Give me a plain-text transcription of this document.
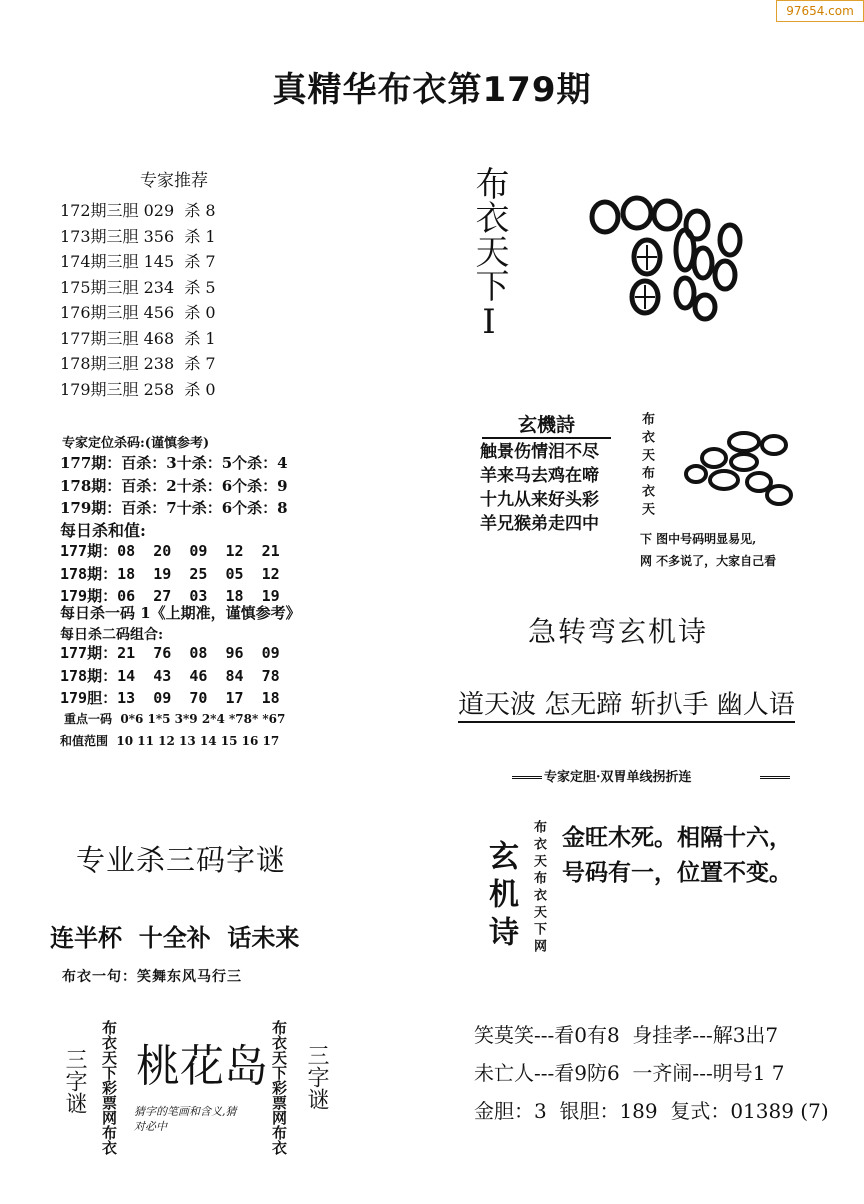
97654.com
真精华布衣第179期
专家推荐
172期三胆 029  杀 8
173期三胆 356  杀 1
174期三胆 145  杀 7
175期三胆 234  杀 5
176期三胆 456  杀 0
177期三胆 468  杀 1
178期三胆 238  杀 7
179期三胆 258  杀 0
专家定位杀码:(谨慎参考)
177期：百杀：3十杀：5个杀：4
178期：百杀：2十杀：6个杀：9
179期：百杀：7十杀：6个杀：8
每日杀和值:
177期：08  20  09  12  21
178期：18  19  25  05  12
179期：06  27  03  18  19
每日杀一码 1《上期准，谨慎参考》
每日杀二码组合:
177期：21  76  08  96  09
178期：14  43  46  84  78
179胆：13  09  70  17  18
重点一码  0*6 1*5 3*9 2*4 *78* *67
和值范围  10 11 12 13 14 15 16 17
布衣天下I
玄機詩
触景伤情泪不尽
羊来马去鸡在啼
十九从来好头彩
羊兄猴弟走四中
布衣天布衣天
下 图中号码明显易见,
网 不多说了，大家自己看
急转弯玄机诗
道天波 怎无蹄 斩扒手 幽人语
专家定胆·双胃单线拐折连
玄机诗 布衣天布衣天下网 金旺木死。相隔十六，
号码有一，位置不变。
专业杀三码字谜
连半杯  十全补  话未来
布衣一句：笑舞东风马行三
三字谜 布衣天下彩票网布衣 桃花岛
猜字的笔画和含义,猜
对必中	布衣天下彩票网布衣 三字谜
笑莫笑---看0有8  身挂孝---解3出7
未亡人---看9防6  一齐闹---明号1 7
金胆：3  银胆：189  复式：01389 (7)
